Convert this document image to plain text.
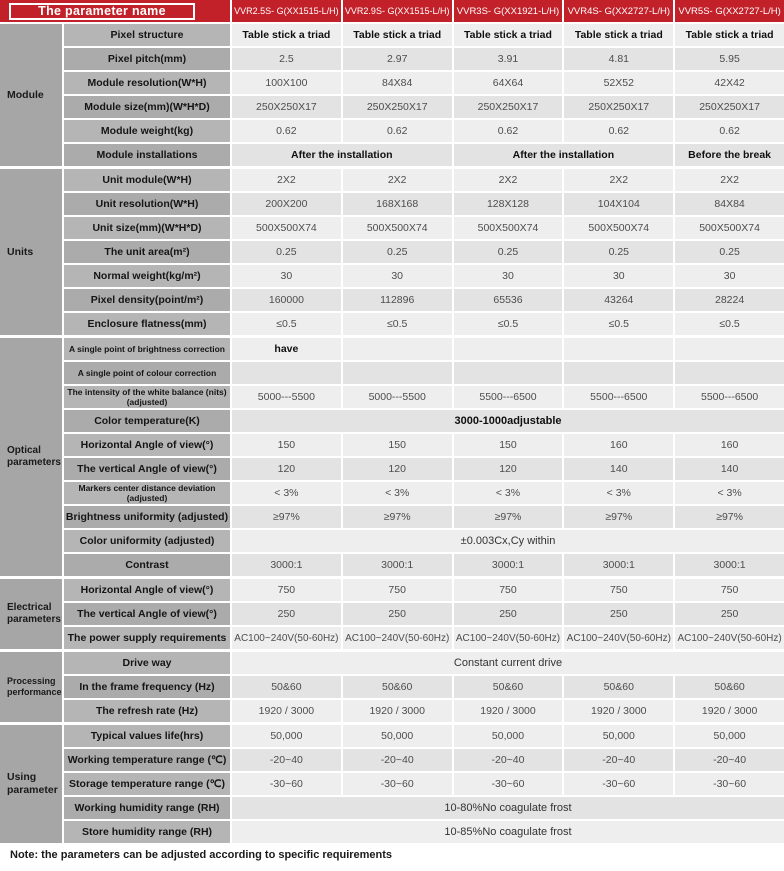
The parameter name	VVR2.5S- G(XX1515-L/H) VVR2.9S- G(XX1515-L/H) VVR3S- G(XX1921-L/H) VVR4S- G(XX2727-L/H) VVR5S- G(XX2727-L/H)
Module
Pixel structure	Table stick a triad	Table stick a triad	Table stick a triad	Table stick a triad	Table stick a triad
Pixel pitch(mm)	2.5	2.97	3.91	4.81	5.95
Module resolution(W*H)	100X100	84X84	64X64	52X52	42X42
Module size(mm)(W*H*D)	250X250X17	250X250X17	250X250X17	250X250X17	250X250X17
Module weight(kg)	0.62	0.62	0.62	0.62	0.62
Module installations	After the installation	After the installation	Before the break
Units
Unit module(W*H)	2X2	2X2	2X2	2X2	2X2
Unit resolution(W*H)	200X200	168X168	128X128	104X104	84X84
Unit size(mm)(W*H*D)	500X500X74	500X500X74	500X500X74	500X500X74	500X500X74
The unit area(m²)	0.25	0.25	0.25	0.25	0.25
Normal weight(kg/m²)	30	30	30	30	30
Pixel density(point/m²)	160000	112896	65536	43264	28224
Enclosure flatness(mm)	≤0.5	≤0.5	≤0.5	≤0.5	≤0.5
Optical parameters
A single point of brightness correction	have
A single point of colour correction
The intensity of the white balance (nits) (adjusted)	5000---5500	5000---5500	5500---6500	5500---6500	5500---6500
Color temperature(K)	3000-1000adjustable
Horizontal Angle of view(°)	150	150	150	160	160
The vertical Angle of view(°)	120	120	120	140	140
Markers center distance deviation (adjusted)	< 3%	< 3%	< 3%	< 3%	< 3%
Brightness uniformity (adjusted)	≥97%	≥97%	≥97%	≥97%	≥97%
Color uniformity (adjusted)	±0.003Cx,Cy within
Contrast	3000:1	3000:1	3000:1	3000:1	3000:1
Electrical parameters
Horizontal Angle of view(°)	750	750	750	750	750
The vertical Angle of view(°)	250	250	250	250	250
The power supply requirements AC100~240V(50-60Hz) AC100~240V(50-60Hz) AC100~240V(50-60Hz) AC100~240V(50-60Hz) AC100~240V(50-60Hz)
Processing performance
Drive way	Constant current drive
In the frame frequency (Hz)	50&60	50&60	50&60	50&60	50&60
The refresh rate (Hz)	1920 / 3000	1920 / 3000	1920 / 3000	1920 / 3000	1920 / 3000
Using parameter
Typical values life(hrs)	50,000	50,000	50,000	50,000	50,000
Working temperature range (℃)	-20~40	-20~40	-20~40	-20~40	-20~40
Storage temperature range (℃)	-30~60	-30~60	-30~60	-30~60	-30~60
Working humidity range (RH)	10-80%No coagulate frost
Store humidity range (RH)	10-85%No coagulate frost
Note: the parameters can be adjusted according to specific requirements
